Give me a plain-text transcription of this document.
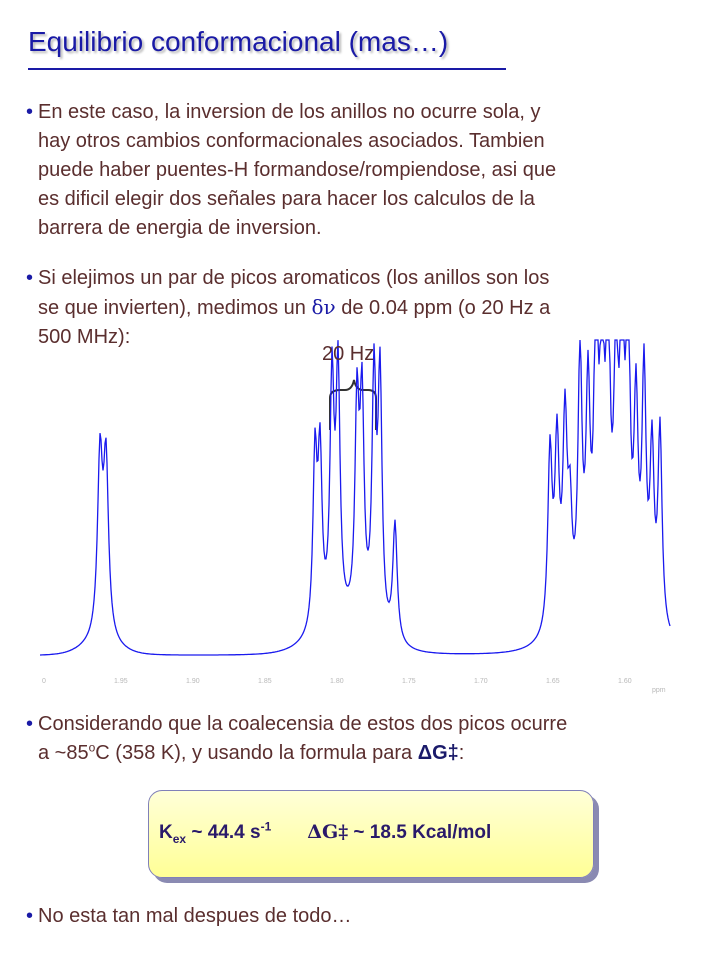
Equilibrio conformacional (mas…)
• En este caso, la inversion de los anillos no ocurre sola, y
hay otros cambios conformacionales asociados. Tambien
puede haber puentes-H formandose/rompiendose, asi que
es dificil elegir dos señales para hacer los calculos de la
barrera de energia de inversion.
• Si elejimos un par de picos aromaticos (los anillos son los
se que invierten), medimos un δν de 0.04 ppm (o 20 Hz a
500 MHz):
0	1.95	1.90	1.85	1.80	1.75	1.70	1.65	1.60
ppm
20 Hz
• Considerando que la coalecensia de estos dos picos ocurre
a ~85$^o$C (358 K), y usando la formula para ΔG‡:
$K_{ex}$ ~ 44.4 $s^{-1}$ ΔG‡ ~ 18.5 Kcal/mol
• No esta tan mal despues de todo…
